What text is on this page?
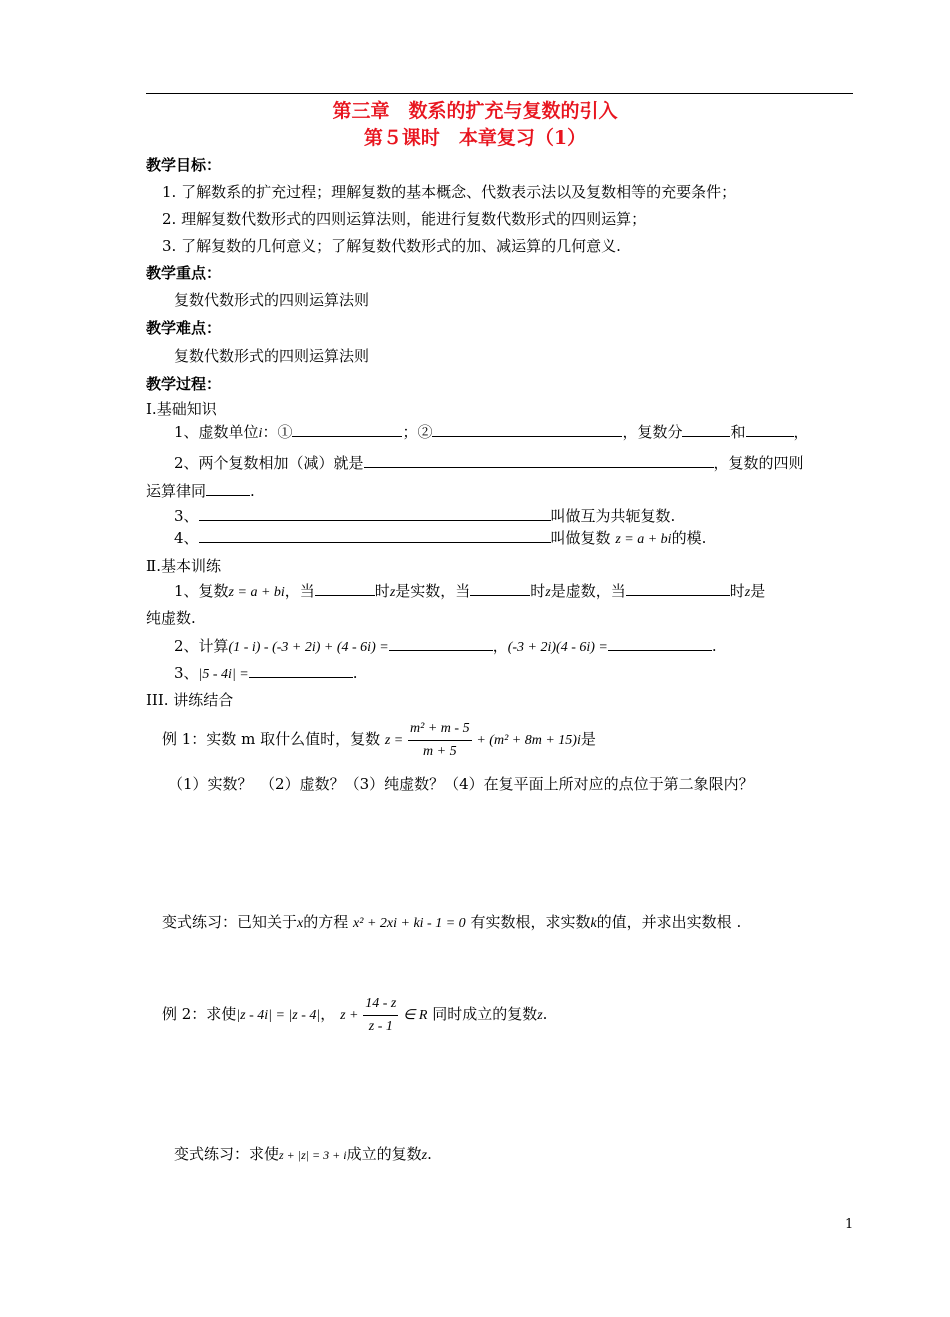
第三章　数系的扩充与复数的引入
第５课时　本章复习（1）
教学目标：
1. 了解数系的扩充过程；理解复数的基本概念、代数表示法以及复数相等的充要条件；
2. 理解复数代数形式的四则运算法则，能进行复数代数形式的四则运算；
3. 了解复数的几何意义；了解复数代数形式的加、减运算的几何意义.
教学重点：
复数代数形式的四则运算法则
教学难点：
复数代数形式的四则运算法则
教学过程：
Ⅰ.基础知识
1、虚数单位i：①	；②	，复数分	和	，
2、两个复数相加（减）就是	，复数的四则
运算律同	.
3、	叫做互为共轭复数.
4、	叫做复数 z = a + bi的模.
Ⅱ.基本训练
1、复数z = a + bi，当	时z是实数，当	时z是虚数，当	时z是
纯虚数.
2、计算(1 - i) - (-3 + 2i) + (4 - 6i) =	，(-3 + 2i)(4 - 6i) =	.
3、|5 - 4i| =	.
III. 讲练结合
例 1：实数 m 取什么值时，复数 $z = \frac{\text{m² + m - 5}}{m + 5} + (m^2 + 8m + 15)i$是
（1）实数？　（2）虚数？（3）纯虚数？（4）在复平面上所对应的点位于第二象限内？
变式练习：已知关于x的方程 x² + 2xi + ki - 1 = 0 有实数根，求实数k的值，并求出实数根 .
例 2：求使|z - 4i| = |z - 4|， $z + \frac{14 - z}{z - 1}$ ∈ R 同时成立的复数z.
变式练习：求使z + |z| = 3 + i成立的复数z.
1
